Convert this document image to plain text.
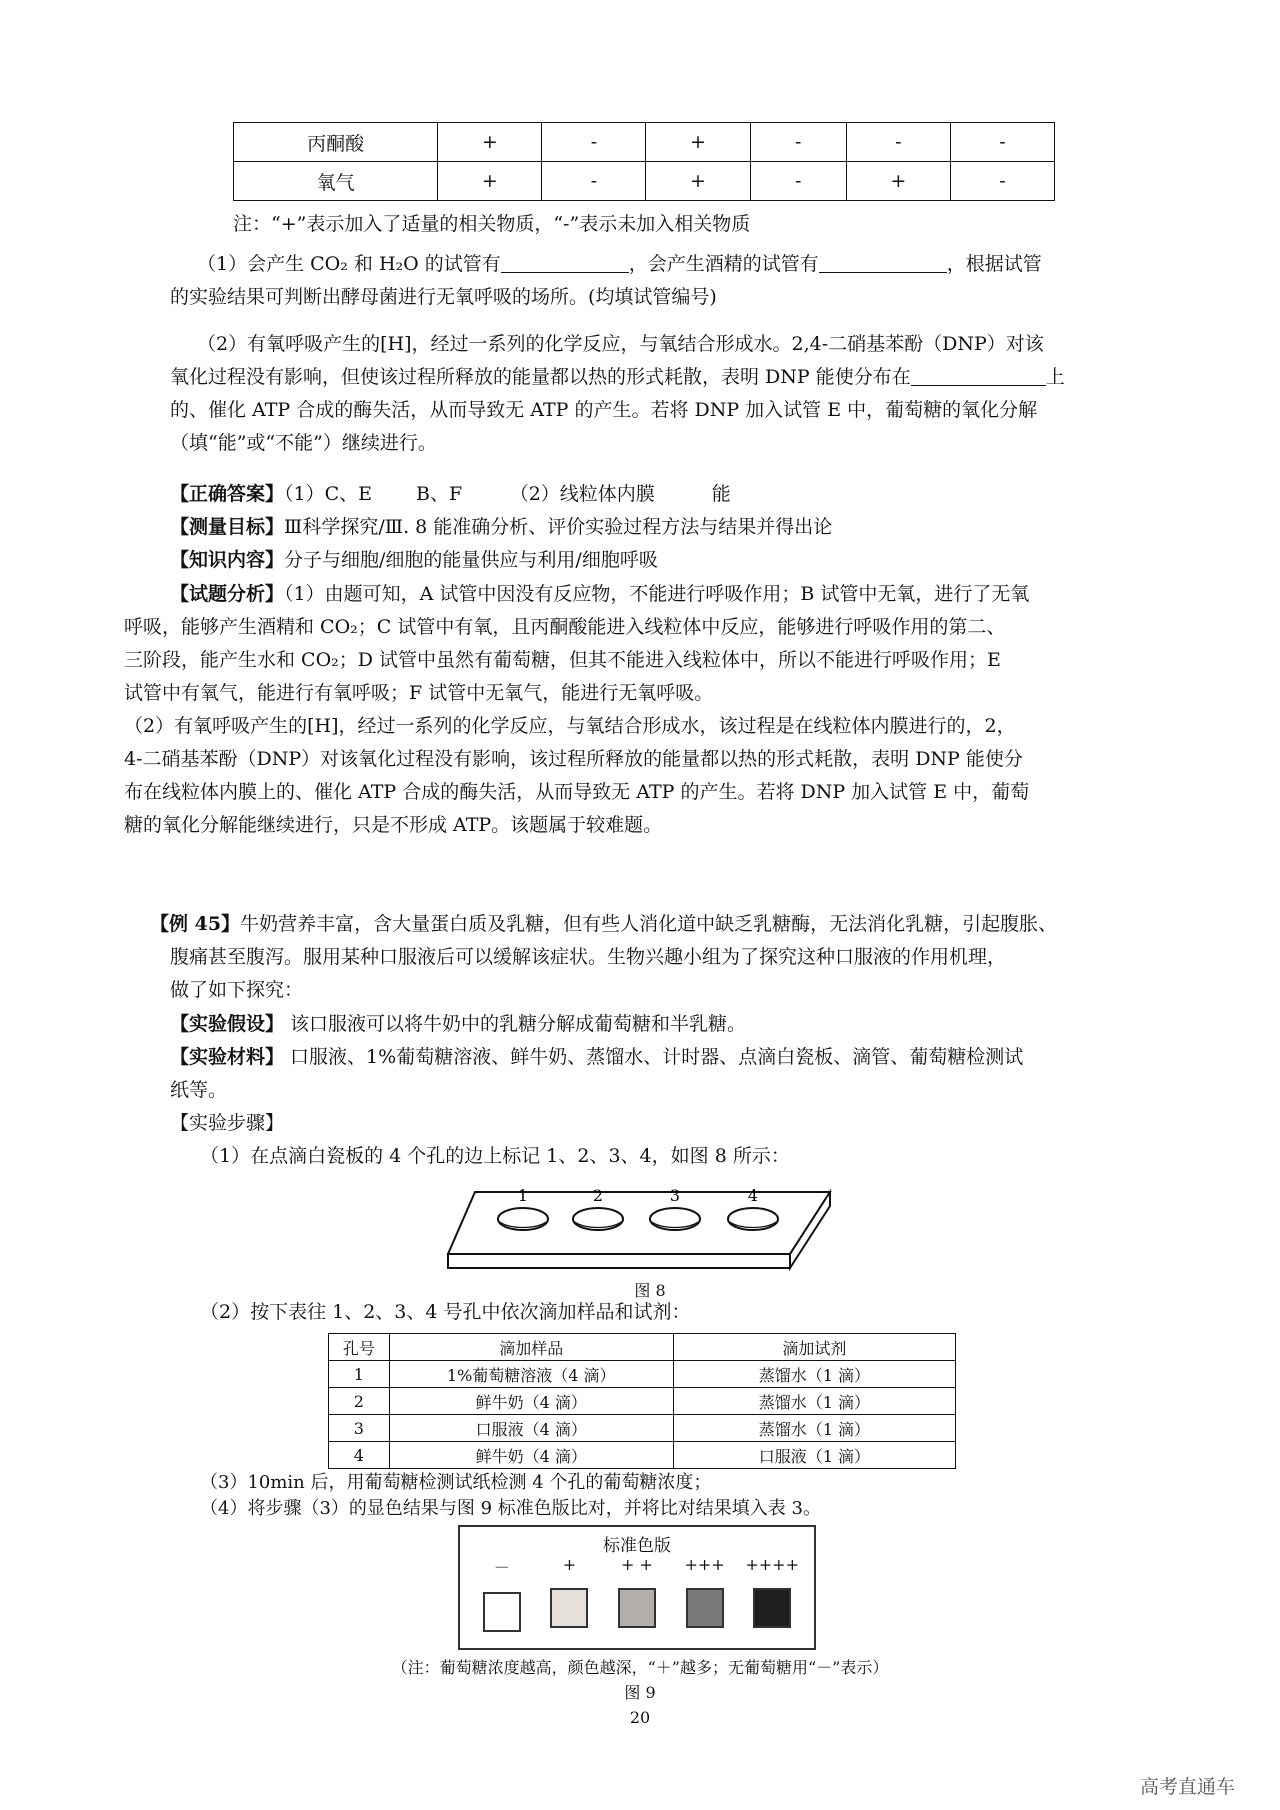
丙酮酸	+	-	+	-	-	-
氧气	+	-	+	-	+	-
注：“+”表示加入了适量的相关物质，“-”表示未加入相关物质

（1）会产生 CO₂ 和 H₂O 的试管有	，会产生酒精的试管有	，根据试管

的实验结果可判断出酵母菌进行无氧呼吸的场所。(均填试管编号)

（2）有氧呼吸产生的[H]，经过一系列的化学反应，与氧结合形成水。2,4-二硝基苯酚（DNP）对该

氧化过程没有影响，但使该过程所释放的能量都以热的形式耗散，表明 DNP 能使分布在	上

的、催化 ATP 合成的酶失活，从而导致无 ATP 的产生。若将 DNP 加入试管 E 中，葡萄糖的氧化分解

（填“能”或“不能”）继续进行。

【正确答案】（1）C、E　　 B、F　　　（2）线粒体内膜　　　能

【测量目标】Ⅲ科学探究/Ⅲ. 8 能准确分析、评价实验过程方法与结果并得出论

【知识内容】分子与细胞/细胞的能量供应与利用/细胞呼吸

【试题分析】（1）由题可知，A 试管中因没有反应物，不能进行呼吸作用；B 试管中无氧，进行了无氧

呼吸，能够产生酒精和 CO₂；C 试管中有氧，且丙酮酸能进入线粒体中反应，能够进行呼吸作用的第二、

三阶段，能产生水和 CO₂；D 试管中虽然有葡萄糖，但其不能进入线粒体中，所以不能进行呼吸作用；E

试管中有氧气，能进行有氧呼吸；F 试管中无氧气，能进行无氧呼吸。

（2）有氧呼吸产生的[H]，经过一系列的化学反应，与氧结合形成水，该过程是在线粒体内膜进行的，2，

4-二硝基苯酚（DNP）对该氧化过程没有影响，该过程所释放的能量都以热的形式耗散，表明 DNP 能使分

布在线粒体内膜上的、催化 ATP 合成的酶失活，从而导致无 ATP 的产生。若将 DNP 加入试管 E 中，葡萄

糖的氧化分解能继续进行，只是不形成 ATP。该题属于较难题。

【例 45】牛奶营养丰富，含大量蛋白质及乳糖，但有些人消化道中缺乏乳糖酶，无法消化乳糖，引起腹胀、

腹痛甚至腹泻。服用某种口服液后可以缓解该症状。生物兴趣小组为了探究这种口服液的作用机理，

做了如下探究：

【实验假设】 该口服液可以将牛奶中的乳糖分解成葡萄糖和半乳糖。

【实验材料】 口服液、1%葡萄糖溶液、鲜牛奶、蒸馏水、计时器、点滴白瓷板、滴管、葡萄糖检测试

纸等。

【实验步骤】

（1）在点滴白瓷板的 4 个孔的边上标记 1、2、3、4，如图 8 所示：

1	2	3	4
图 8
（2）按下表往 1、2、3、4 号孔中依次滴加样品和试剂：
孔号	滴加样品	滴加试剂
1	1%葡萄糖溶液（4 滴）	蒸馏水（1 滴）
2	鲜牛奶（4 滴）	蒸馏水（1 滴）
3	口服液（4 滴）	蒸馏水（1 滴）
4	鲜牛奶（4 滴）	口服液（1 滴）
（3）10min 后，用葡萄糖检测试纸检测 4 个孔的葡萄糖浓度；
（4）将步骤（3）的显色结果与图 9 标准色版比对，并将比对结果填入表 3。
标准色版
－	+	+ +	+++	++++
（注：葡萄糖浓度越高，颜色越深，“＋”越多；无葡萄糖用“－”表示）
图 9
20
高考直通车
